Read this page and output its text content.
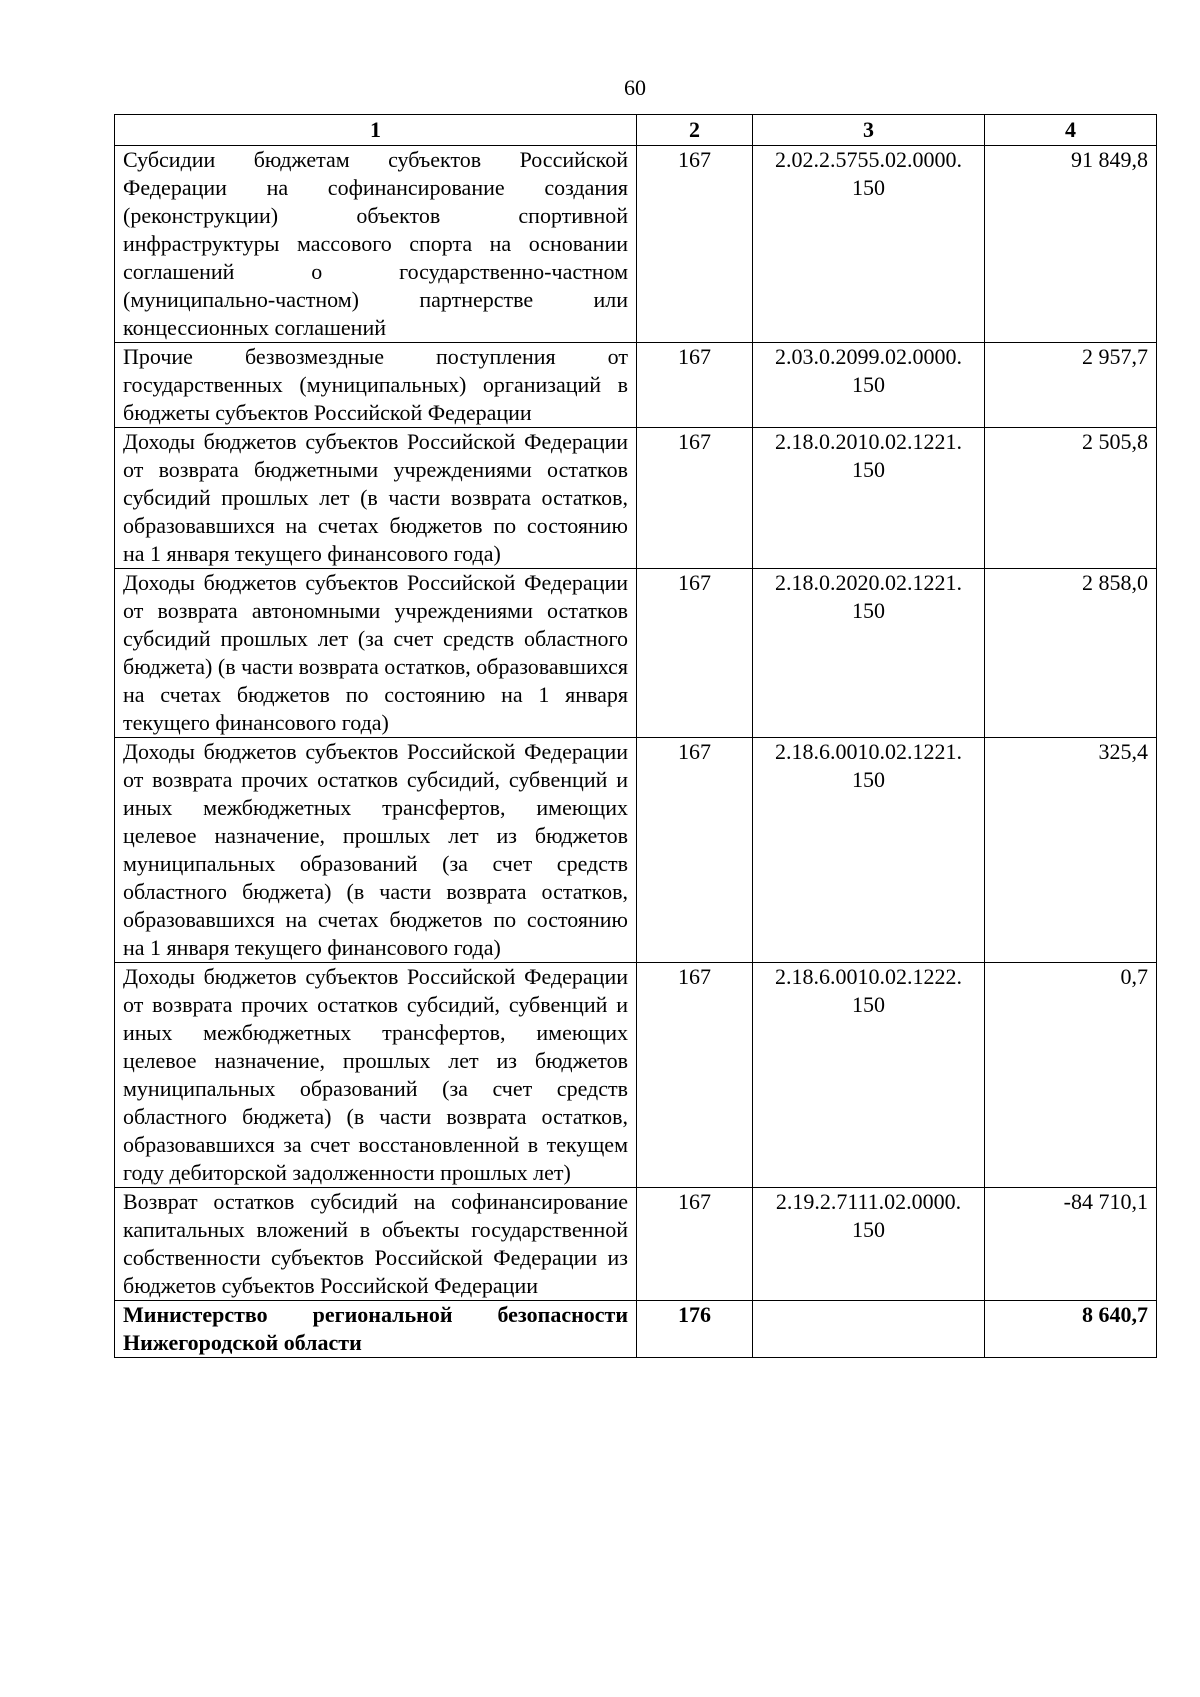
60
1	2	3	4
Субсидии бюджетам субъектов Российской Федерации на софинансирование создания (реконструкции) объектов спортивной инфраструктуры массового спорта на основании соглашений о государственно-частном (муниципально-частном) партнерстве или концессионных соглашений	167	2.02.2.5755.02.0000. 150	91 849,8
Прочие безвозмездные поступления от государственных (муниципальных) организаций в бюджеты субъектов Российской Федерации	167	2.03.0.2099.02.0000. 150	2 957,7
Доходы бюджетов субъектов Российской Федерации от возврата бюджетными учреждениями остатков субсидий прошлых лет (в части возврата остатков, образовавшихся на счетах бюджетов по состоянию на 1 января текущего финансового года)	167	2.18.0.2010.02.1221. 150	2 505,8
Доходы бюджетов субъектов Российской Федерации от возврата автономными учреждениями остатков субсидий прошлых лет (за счет средств областного бюджета) (в части возврата остатков, образовавшихся на счетах бюджетов по состоянию на 1 января текущего финансового года)	167	2.18.0.2020.02.1221. 150	2 858,0
Доходы бюджетов субъектов Российской Федерации от возврата прочих остатков субсидий, субвенций и иных межбюджетных трансфертов, имеющих целевое назначение, прошлых лет из бюджетов муниципальных образований (за счет средств областного бюджета) (в части возврата остатков, образовавшихся на счетах бюджетов по состоянию на 1 января текущего финансового года)	167	2.18.6.0010.02.1221. 150	325,4
Доходы бюджетов субъектов Российской Федерации от возврата прочих остатков субсидий, субвенций и иных межбюджетных трансфертов, имеющих целевое назначение, прошлых лет из бюджетов муниципальных образований (за счет средств областного бюджета) (в части возврата остатков, образовавшихся за счет восстановленной в текущем году дебиторской задолженности прошлых лет)	167	2.18.6.0010.02.1222. 150	0,7
Возврат остатков субсидий на софинансирование капитальных вложений в объекты государственной собственности субъектов Российской Федерации из бюджетов субъектов Российской Федерации	167	2.19.2.7111.02.0000. 150	-84 710,1
Министерство региональной безопасности Нижегородской области	176		8 640,7
